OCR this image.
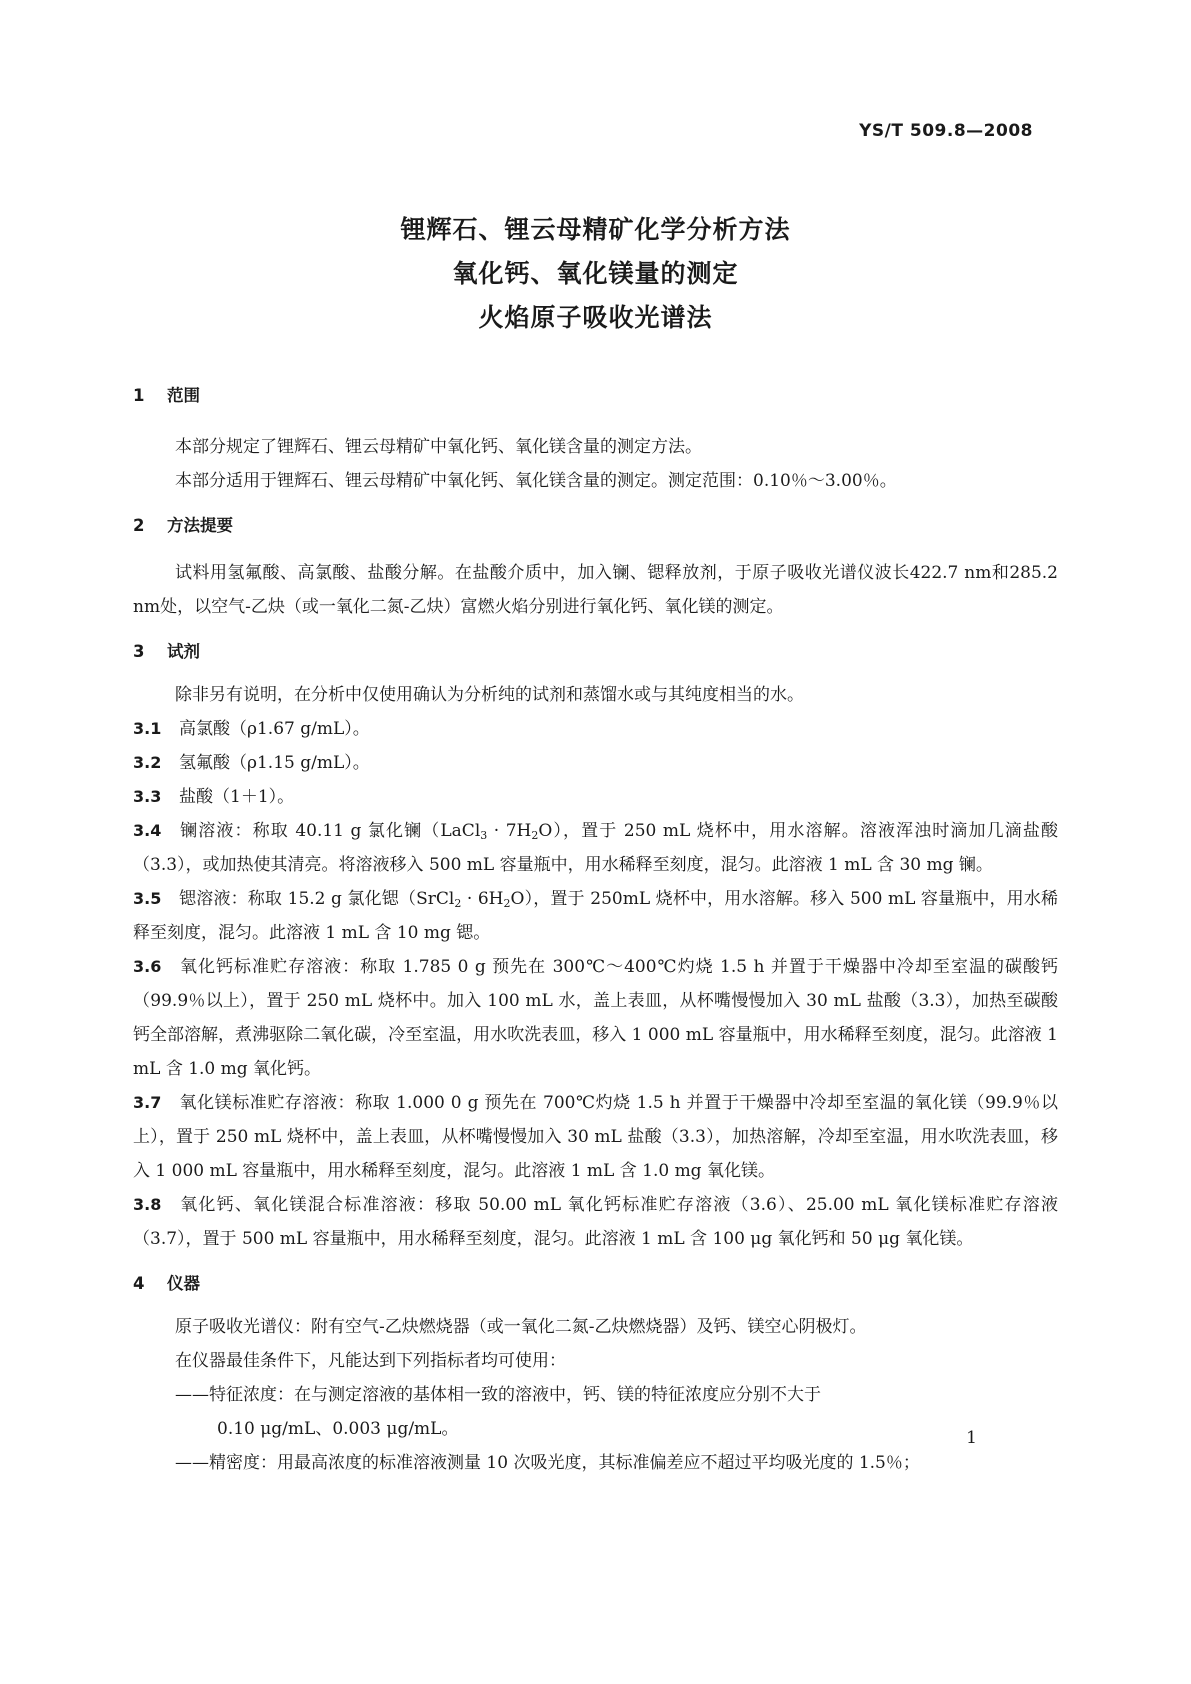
YS/T 509.8—2008
锂辉石、锂云母精矿化学分析方法
氧化钙、氧化镁量的测定
火焰原子吸收光谱法
1 范围
本部分规定了锂辉石、锂云母精矿中氧化钙、氧化镁含量的测定方法。
本部分适用于锂辉石、锂云母精矿中氧化钙、氧化镁含量的测定。测定范围：0.10％～3.00％。
2 方法提要
试料用氢氟酸、高氯酸、盐酸分解。在盐酸介质中，加入镧、锶释放剂，于原子吸收光谱仪波长422.7 nm和285.2 nm处，以空气-乙炔（或一氧化二氮-乙炔）富燃火焰分别进行氧化钙、氧化镁的测定。
3 试剂
除非另有说明，在分析中仅使用确认为分析纯的试剂和蒸馏水或与其纯度相当的水。
3.1 高氯酸（ρ1.67 g/mL）。
3.2 氢氟酸（ρ1.15 g/mL）。
3.3 盐酸（1＋1）。
3.4 镧溶液：称取 40.11 g 氯化镧（LaCl$_3$ · $7H_2O$），置于 250 mL 烧杯中，用水溶解。溶液浑浊时滴加几滴盐酸（3.3），或加热使其清亮。将溶液移入 500 mL 容量瓶中，用水稀释至刻度，混匀。此溶液 1 mL 含 30 mg 镧。
3.5 锶溶液：称取 15.2 g 氯化锶（SrCl$_2$ · $6H_2O$），置于 250mL 烧杯中，用水溶解。移入 500 mL 容量瓶中，用水稀释至刻度，混匀。此溶液 1 mL 含 10 mg 锶。
3.6 氧化钙标准贮存溶液：称取 1.785 0 g 预先在 300℃～400℃灼烧 1.5 h 并置于干燥器中冷却至室温的碳酸钙（99.9％以上），置于 250 mL 烧杯中。加入 100 mL 水，盖上表皿，从杯嘴慢慢加入 30 mL 盐酸（3.3），加热至碳酸钙全部溶解，煮沸驱除二氧化碳，冷至室温，用水吹洗表皿，移入 1 000 mL 容量瓶中，用水稀释至刻度，混匀。此溶液 1 mL 含 1.0 mg 氧化钙。
3.7 氧化镁标准贮存溶液：称取 1.000 0 g 预先在 700℃灼烧 1.5 h 并置于干燥器中冷却至室温的氧化镁（99.9％以上），置于 250 mL 烧杯中，盖上表皿，从杯嘴慢慢加入 30 mL 盐酸（3.3），加热溶解，冷却至室温，用水吹洗表皿，移入 1 000 mL 容量瓶中，用水稀释至刻度，混匀。此溶液 1 mL 含 1.0 mg 氧化镁。
3.8 氧化钙、氧化镁混合标准溶液：移取 50.00 mL 氧化钙标准贮存溶液（3.6）、25.00 mL 氧化镁标准贮存溶液（3.7），置于 500 mL 容量瓶中，用水稀释至刻度，混匀。此溶液 1 mL 含 100 μg 氧化钙和 50 μg 氧化镁。
4 仪器
原子吸收光谱仪：附有空气-乙炔燃烧器（或一氧化二氮-乙炔燃烧器）及钙、镁空心阴极灯。
在仪器最佳条件下，凡能达到下列指标者均可使用：
——特征浓度：在与测定溶液的基体相一致的溶液中，钙、镁的特征浓度应分别不大于
0.10 μg/mL、0.003 μg/mL。
——精密度：用最高浓度的标准溶液测量 10 次吸光度，其标准偏差应不超过平均吸光度的 1.5％；
1
